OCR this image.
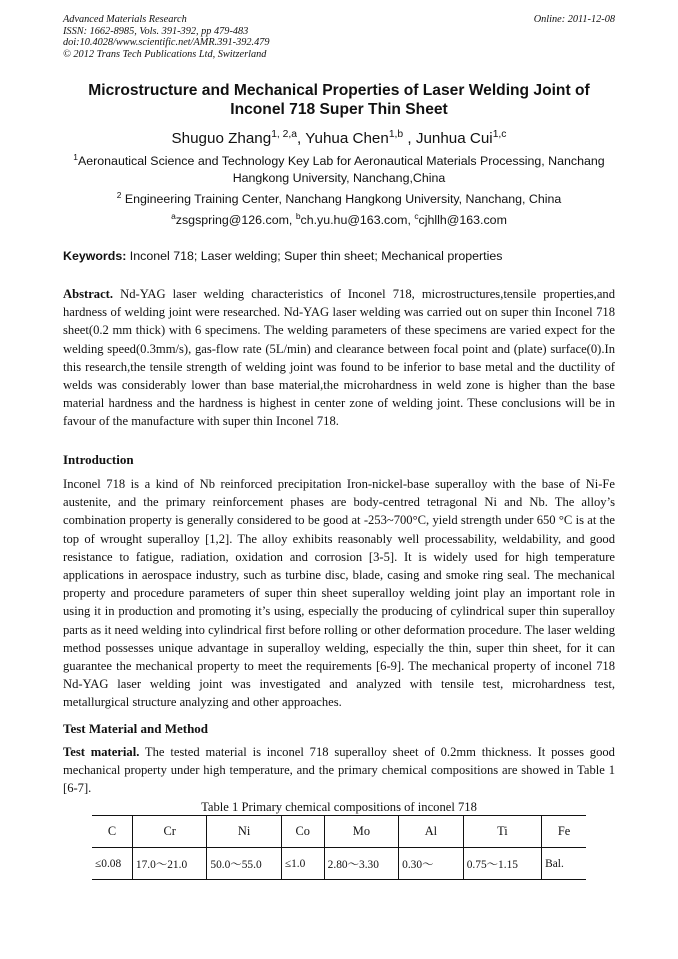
Advanced Materials Research
ISSN: 1662-8985, Vols. 391-392, pp 479-483
doi:10.4028/www.scientific.net/AMR.391-392.479
© 2012 Trans Tech Publications Ltd, Switzerland
Online: 2011-12-08
Microstructure and Mechanical Properties of Laser Welding Joint of
Inconel 718 Super Thin Sheet
Shuguo Zhang$^{1, 2,a}$, Yuhua Chen$^{1,b}$ , Junhua Cui$^{1,c}$
$^1$Aeronautical Science and Technology Key Lab for Aeronautical Materials Processing, Nanchang
Hangkong University, Nanchang,China
$^2$ Engineering Training Center, Nanchang Hangkong University, Nanchang, China
$^a$zsgspring@126.com, $^b$ch.yu.hu@163.com, $^c$cjhllh@163.com
Keywords: Inconel 718; Laser welding; Super thin sheet; Mechanical properties

Abstract. Nd-YAG laser welding characteristics of Inconel 718, microstructures,tensile properties,and hardness of welding joint were researched. Nd-YAG laser welding was carried out on super thin Inconel 718 sheet(0.2 mm thick) with 6 specimens. The welding parameters of these specimens are varied expect for the welding speed(0.3mm/s), gas-flow rate (5L/min) and clearance between focal point and (plate) surface(0).In this research,the tensile strength of welding joint was found to be inferior to base metal and the ductility of welds was considerably lower than base material,the microhardness in weld zone is higher than the base material hardness and the hardness is highest in center zone of welding joint. These conclusions will be in favour of the manufacture with super thin Inconel 718.

Introduction

Inconel 718 is a kind of Nb reinforced precipitation Iron-nickel-base superalloy with the base of Ni-Fe austenite, and the primary reinforcement phases are body-centred tetragonal Ni and Nb. The alloy’s combination property is generally considered to be good at -253~700°C, yield strength under 650 °C is at the top of wrought superalloy [1,2]. The alloy exhibits reasonably well processability, weldability, and good resistance to fatigue, radiation, oxidation and corrosion [3-5]. It is widely used for high temperature applications in aerospace industry, such as turbine disc, blade, casing and smoke ring seal. The mechanical property and procedure parameters of super thin sheet superalloy welding joint play an important role in using it in production and promoting it’s using, especially the producing of cylindrical super thin superalloy parts as it need welding into cylindrical first before rolling or other deformation procedure. The laser welding method possesses unique advantage in superalloy welding, especially the thin, super thin sheet, for it can guarantee the mechanical property to meet the requirements [6-9]. The mechanical property of inconel 718 Nd-YAG laser welding joint was investigated and analyzed with tensile test, microhardness test, metallurgical structure analyzing and other approaches.

Test Material and Method

Test material. The tested material is inconel 718 superalloy sheet of 0.2mm thickness. It posses good mechanical property under high temperature, and the primary chemical compositions are showed in Table 1 [6-7].

Table 1 Primary chemical compositions of inconel 718
C	Cr	Ni	Co	Mo	Al	Ti	Fe
≤0.08	17.0～21.0	50.0～55.0	≤1.0	2.80～3.30	0.30～	0.75～1.15	Bal.
